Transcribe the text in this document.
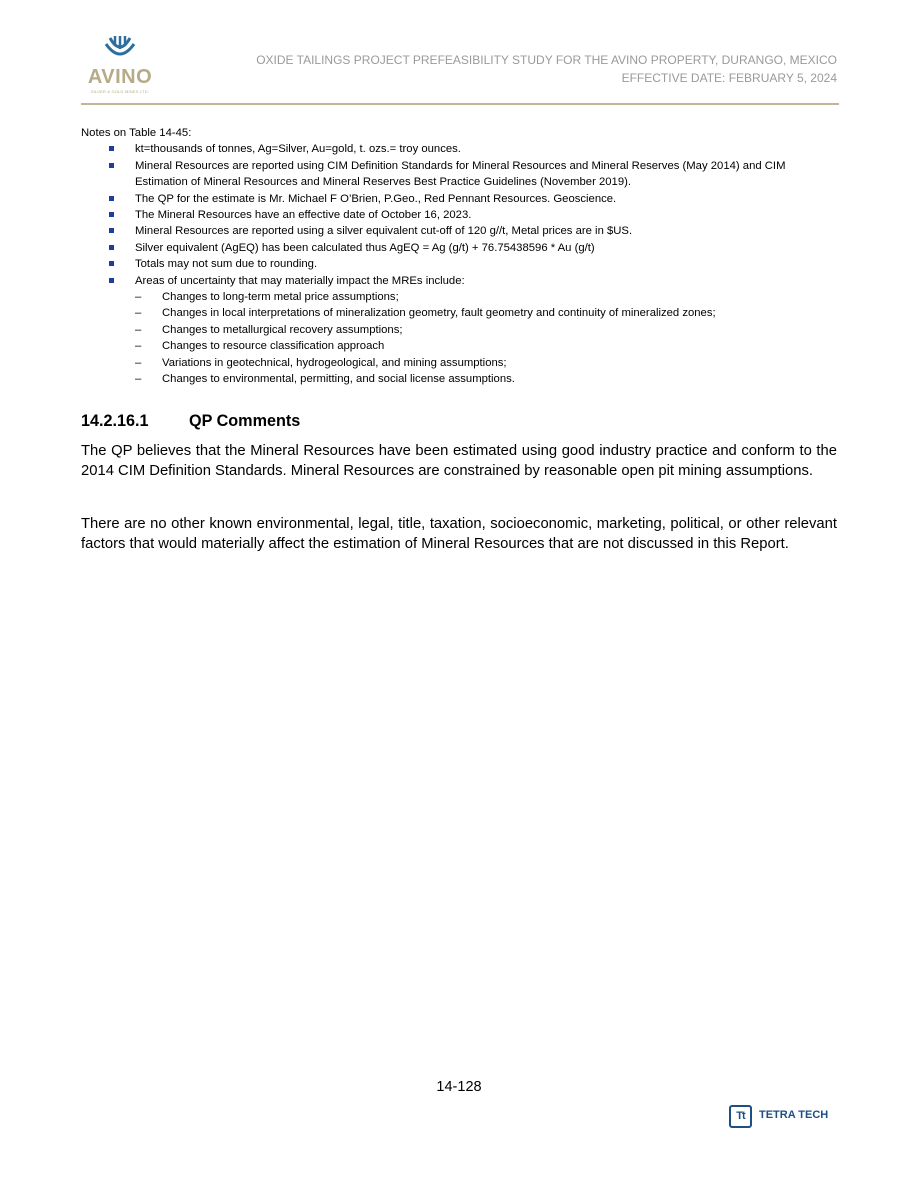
AVINO
SILVER & GOLD MINES LTD.
OXIDE TAILINGS PROJECT PREFEASIBILITY STUDY FOR THE AVINO PROPERTY, DURANGO, MEXICO
EFFECTIVE DATE: FEBRUARY 5, 2024

Notes on Table 14-45:

kt=thousands of tonnes, Ag=Silver, Au=gold, t. ozs.= troy ounces.
Mineral Resources are reported using CIM Definition Standards for Mineral Resources and Mineral Reserves (May 2014) and CIM Estimation of Mineral Resources and Mineral Reserves Best Practice Guidelines (November 2019).
The QP for the estimate is Mr. Michael F O’Brien, P.Geo., Red Pennant Resources. Geoscience.
The Mineral Resources have an effective date of October 16, 2023.
Mineral Resources are reported using a silver equivalent cut-off of 120 g//t, Metal prices are in $US.
Silver equivalent (AgEQ) has been calculated thus AgEQ = Ag (g/t) + 76.75438596 * Au (g/t)
Totals may not sum due to rounding.
Areas of uncertainty that may materially impact the MREs include:
– Changes to long-term metal price assumptions;
– Changes in local interpretations of mineralization geometry, fault geometry and continuity of mineralized zones;
– Changes to metallurgical recovery assumptions;
– Changes to resource classification approach
– Variations in geotechnical, hydrogeological, and mining assumptions;
– Changes to environmental, permitting, and social license assumptions.
14.2.16.1 QP Comments

The QP believes that the Mineral Resources have been estimated using good industry practice and conform to the 2014 CIM Definition Standards. Mineral Resources are constrained by reasonable open pit mining assumptions.

There are no other known environmental, legal, title, taxation, socioeconomic, marketing, political, or other relevant factors that would materially affect the estimation of Mineral Resources that are not discussed in this Report.

14-128
Tt	TETRA TECH
